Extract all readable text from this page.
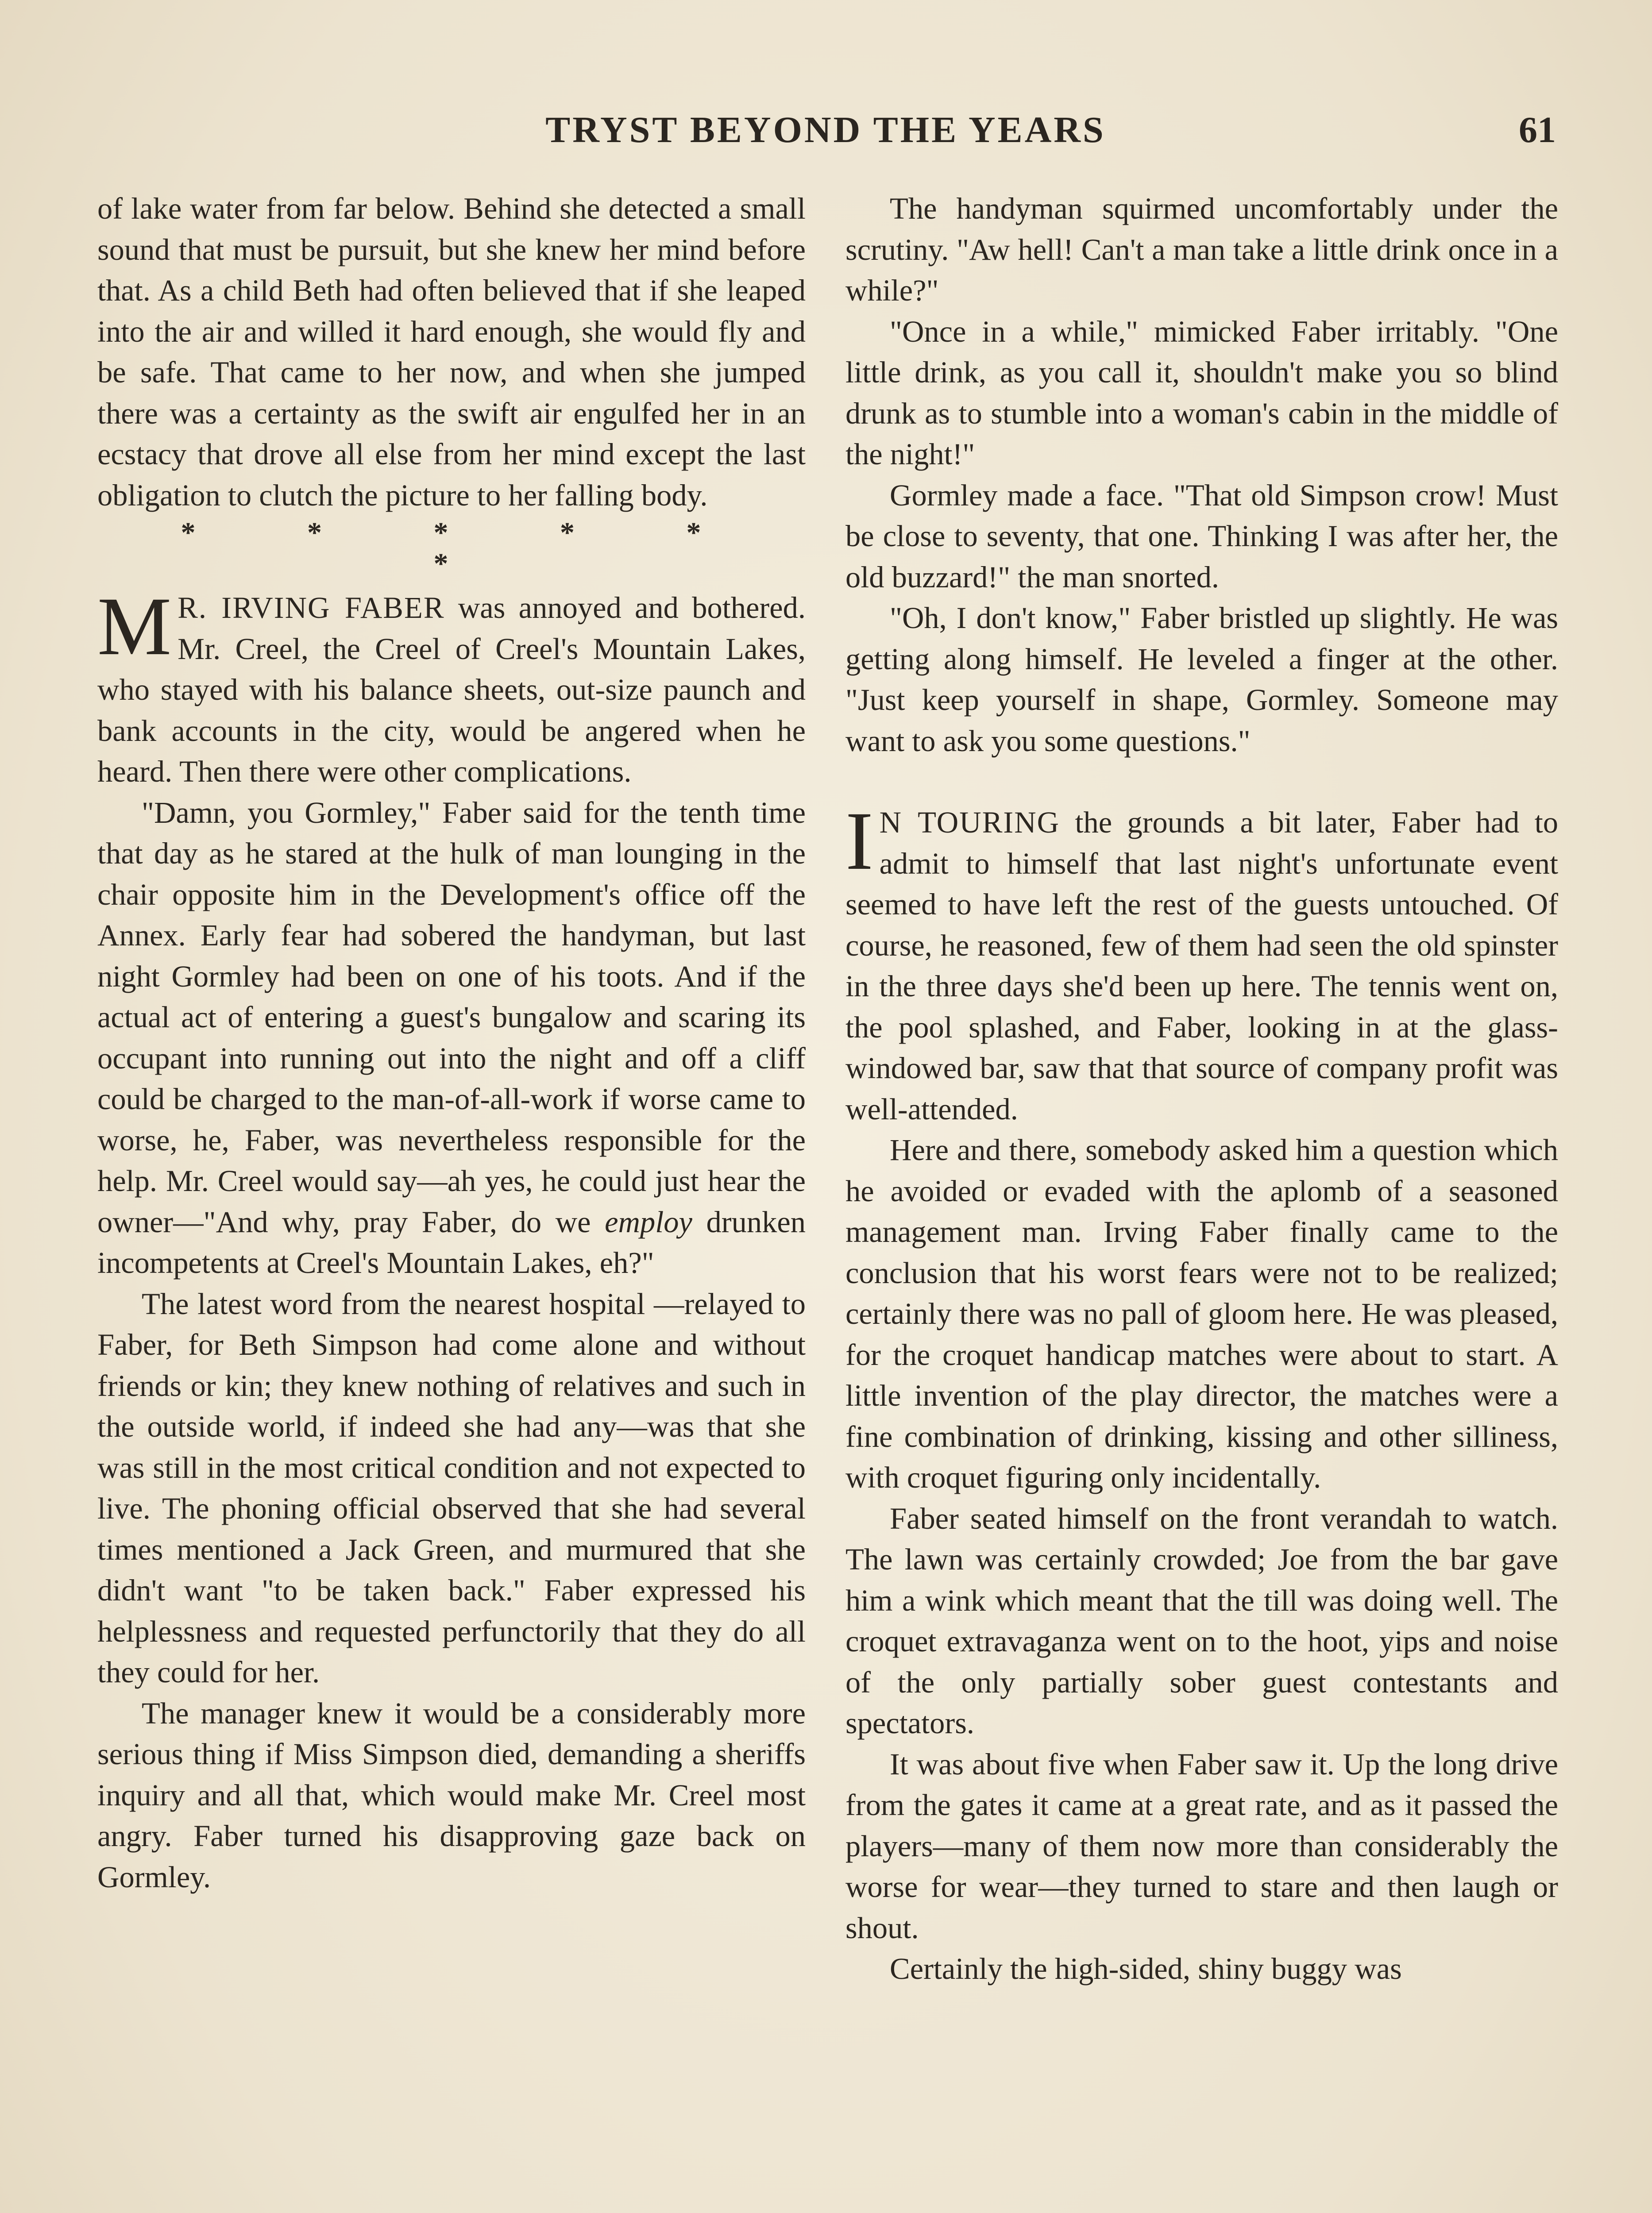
TRYST BEYOND THE YEARS	61

of lake water from far below. Behind she detected a small sound that must be pursuit, but she knew her mind before that. As a child Beth had often believed that if she leaped into the air and willed it hard enough, she would fly and be safe. That came to her now, and when she jumped there was a certainty as the swift air engulfed her in an ecstacy that drove all else from her mind except the last obligation to clutch the picture to her falling body.

* * * * * *

M R. IRVING FABER was annoyed and bothered. Mr. Creel, the Creel of Creel's Mountain Lakes, who stayed with his balance sheets, out-size paunch and bank accounts in the city, would be angered when he heard. Then there were other complications.

"Damn, you Gormley," Faber said for the tenth time that day as he stared at the hulk of man lounging in the chair opposite him in the Development's office off the Annex. Early fear had sobered the handyman, but last night Gormley had been on one of his toots. And if the actual act of entering a guest's bungalow and scaring its occupant into running out into the night and off a cliff could be charged to the man-of-all-work if worse came to worse, he, Faber, was nevertheless responsible for the help. Mr. Creel would say—ah yes, he could just hear the owner—"And why, pray Faber, do we employ drunken incompetents at Creel's Mountain Lakes, eh?"

The latest word from the nearest hospital —relayed to Faber, for Beth Simpson had come alone and without friends or kin; they knew nothing of relatives and such in the outside world, if indeed she had any—was that she was still in the most critical condition and not expected to live. The phoning official observed that she had several times mentioned a Jack Green, and murmured that she didn't want "to be taken back." Faber expressed his helplessness and requested perfunctorily that they do all they could for her.

The manager knew it would be a considerably more serious thing if Miss Simpson died, demanding a sheriffs inquiry and all that, which would make Mr. Creel most angry. Faber turned his disapproving gaze back on Gormley.

The handyman squirmed uncomfortably under the scrutiny. "Aw hell! Can't a man take a little drink once in a while?"

"Once in a while," mimicked Faber irritably. "One little drink, as you call it, shouldn't make you so blind drunk as to stumble into a woman's cabin in the middle of the night!"

Gormley made a face. "That old Simpson crow! Must be close to seventy, that one. Thinking I was after her, the old buzzard!" the man snorted.

"Oh, I don't know," Faber bristled up slightly. He was getting along himself. He leveled a finger at the other. "Just keep yourself in shape, Gormley. Someone may want to ask you some questions."

I N TOURING the grounds a bit later, Faber had to admit to himself that last night's unfortunate event seemed to have left the rest of the guests untouched. Of course, he reasoned, few of them had seen the old spinster in the three days she'd been up here. The tennis went on, the pool splashed, and Faber, looking in at the glass-windowed bar, saw that that source of company profit was well-attended.

Here and there, somebody asked him a question which he avoided or evaded with the aplomb of a seasoned management man. Irving Faber finally came to the conclusion that his worst fears were not to be realized; certainly there was no pall of gloom here. He was pleased, for the croquet handicap matches were about to start. A little invention of the play director, the matches were a fine combination of drinking, kissing and other silliness, with croquet figuring only incidentally.

Faber seated himself on the front verandah to watch. The lawn was certainly crowded; Joe from the bar gave him a wink which meant that the till was doing well. The croquet extravaganza went on to the hoot, yips and noise of the only partially sober guest contestants and spectators.

It was about five when Faber saw it. Up the long drive from the gates it came at a great rate, and as it passed the players—many of them now more than considerably the worse for wear—they turned to stare and then laugh or shout.

Certainly the high-sided, shiny buggy was
